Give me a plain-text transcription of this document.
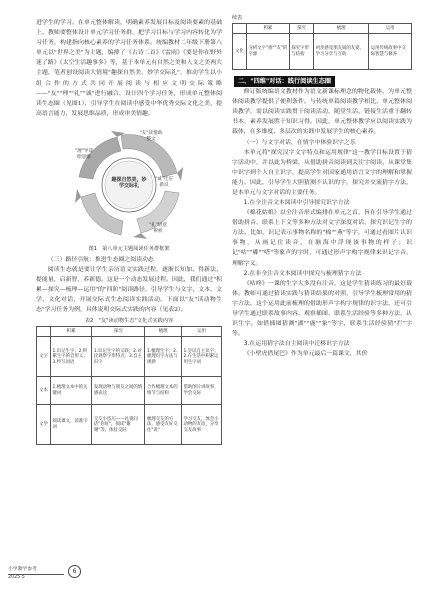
进学生的学习。在单元整体解读，明确素养发展目标及阅读要素的基础上，教师要整体设计单元学习任务群，把学习目标与学习内容转化为学习任务，构建指向核心素养的学习任务体系。统编教材二年级下册第八单元以"世界之美"为主题，编排了《古诗二首》《雷雨》《要是你在野外迷了路》《太空生活趣事多》等，基于本单元有自然之美和人文之美两大主题，笔者创设阅读大情境"趣探自然美，妙学交际礼"，推动学生以小组合作的方式共同开展阅读与相应文明交际策略——"友""理""礼""诚"进行融合，设计四个学习任务，形成单元整体阅读生态圈（见图1），引导学生在阅读中感受中华优秀交际文化之美，提高语言能力，发展思维品质，形成审美情趣。

"友"读情助整文
"理"导读绘思维
"诚"迁应新识
"礼"悟意辨析
趣探自然美，妙学交际礼
图1　第八单元主题阅读任务群框架
（三）路径引航：推进生态圈之阅读动态

阅读生态就是要让学生亲历语文实践过程，逐渐长知加、得新法，提能量，启新智，养新德。这是一个动态发展过程。因此，我们通过"积累—探究—梳理—运用"的"四阶"阅读路径，引导学生与文字、文本、文学、文化对话，开展交际式生态阅读实践活动。下面以"友"读动物生态"学习任务为例，具体说明交际式实践的内容（见表2）。

表2　"友"读动物生态"文化式实践内容
	积累	探究	梳理	运用
文字	1.识记生字；2.积累生字的音形义；3.抄写词语	1.识记生字的义联；2.对比观察字形特点；3.自主识字	1.梳理生字；2.梳理识字方法与规律	1.尝试自主识字；2.在生活中积累运用生字词
文本	1.梳理文本中的关键词	发现动物与朋友之间的情感表达	合作梳理文本的情节与结构	借助图片讲故事，学会交际
文学	阅读课文，读准字词	交友小技巧——礼貌问话"你好"，阅读"谢谢"等，体验交际	梳理交友的方法，感受友好交往"说"	学习交友，体会小动物的友谊，分享交友故事
续表
	积累	探究	梳理	运用
文化	分析文字"朋""友"的字源	探究字形与结构	初步感受朋友间的友爱，学习分享与互助	运用传统故事中交际智慧与修养
二、"四维"对话：践行阅读生态圈

修订版统编语文教材作为语文新课标理念的物化载体，为单元整体阅读教学提供了便利条件。与传统单篇阅读教学相比，单元整体阅读教学，需以阅读实践贯于阅读活动，随堂生活，链接生活重于翻转书本，素养发展胜于知识习得。因此，单元整体教学应以阅读实践为载体，在多维度、多层次的实践中发展学生的核心素养。

（一）与文字对话，在情字中体验识字之乐

本单元将"探究汉字文字特点和运用规律"这一教学目标设置于猜字活动中，并以此为桥梁，从借助拼音阅读到关注字阅读，从课堂集中识字到个人自主识字，提高学生对国家通用语言文字的理解和掌握能力。因此，引导学生大胆猜测不认识的字，探究并交流猜字方法，是本单元与文字对话的主要任务。

1.在全注音文本阅读中引导探究识字方法

《棉花姑娘》以全注音形式编排在单元之首，旨在引导学生通过借助拼音、联系上下文等多种方法对文字深度对话，探究识记生字的方法。比如，识记表示事物名称的"棉""燕"等字，可通过看图片认识事物，从画记住读音，在脑海中浮现该事物的样子；识记"咕""嘟""嗒"等象声的字时，可通过形声字构字规律来识记字音，理解字义。

2.在非全注音文本阅读中探究与梳理猜字方法

《咕咚》一课的生字大多没有注音，这是学生猜读练习的最好载体。教师可通过猜读实践与猜读结果的对照，引导学生梳理常用的猜字方法。这个运用此前梳理的借助形声字构字规律的识字法，还可引导学生通过联系故事内容、观察插图、联系生活经验等多种方法，认识生字。如借插图猜测"湖""鹿""象"等字，联系生活经验猜"拦"字等。

3.在运用猜字法自主阅读中迁移识字方法

《小壁虎借尾巴》作为单元最后一篇课文，其价

小学教学参考
2025·5
6
